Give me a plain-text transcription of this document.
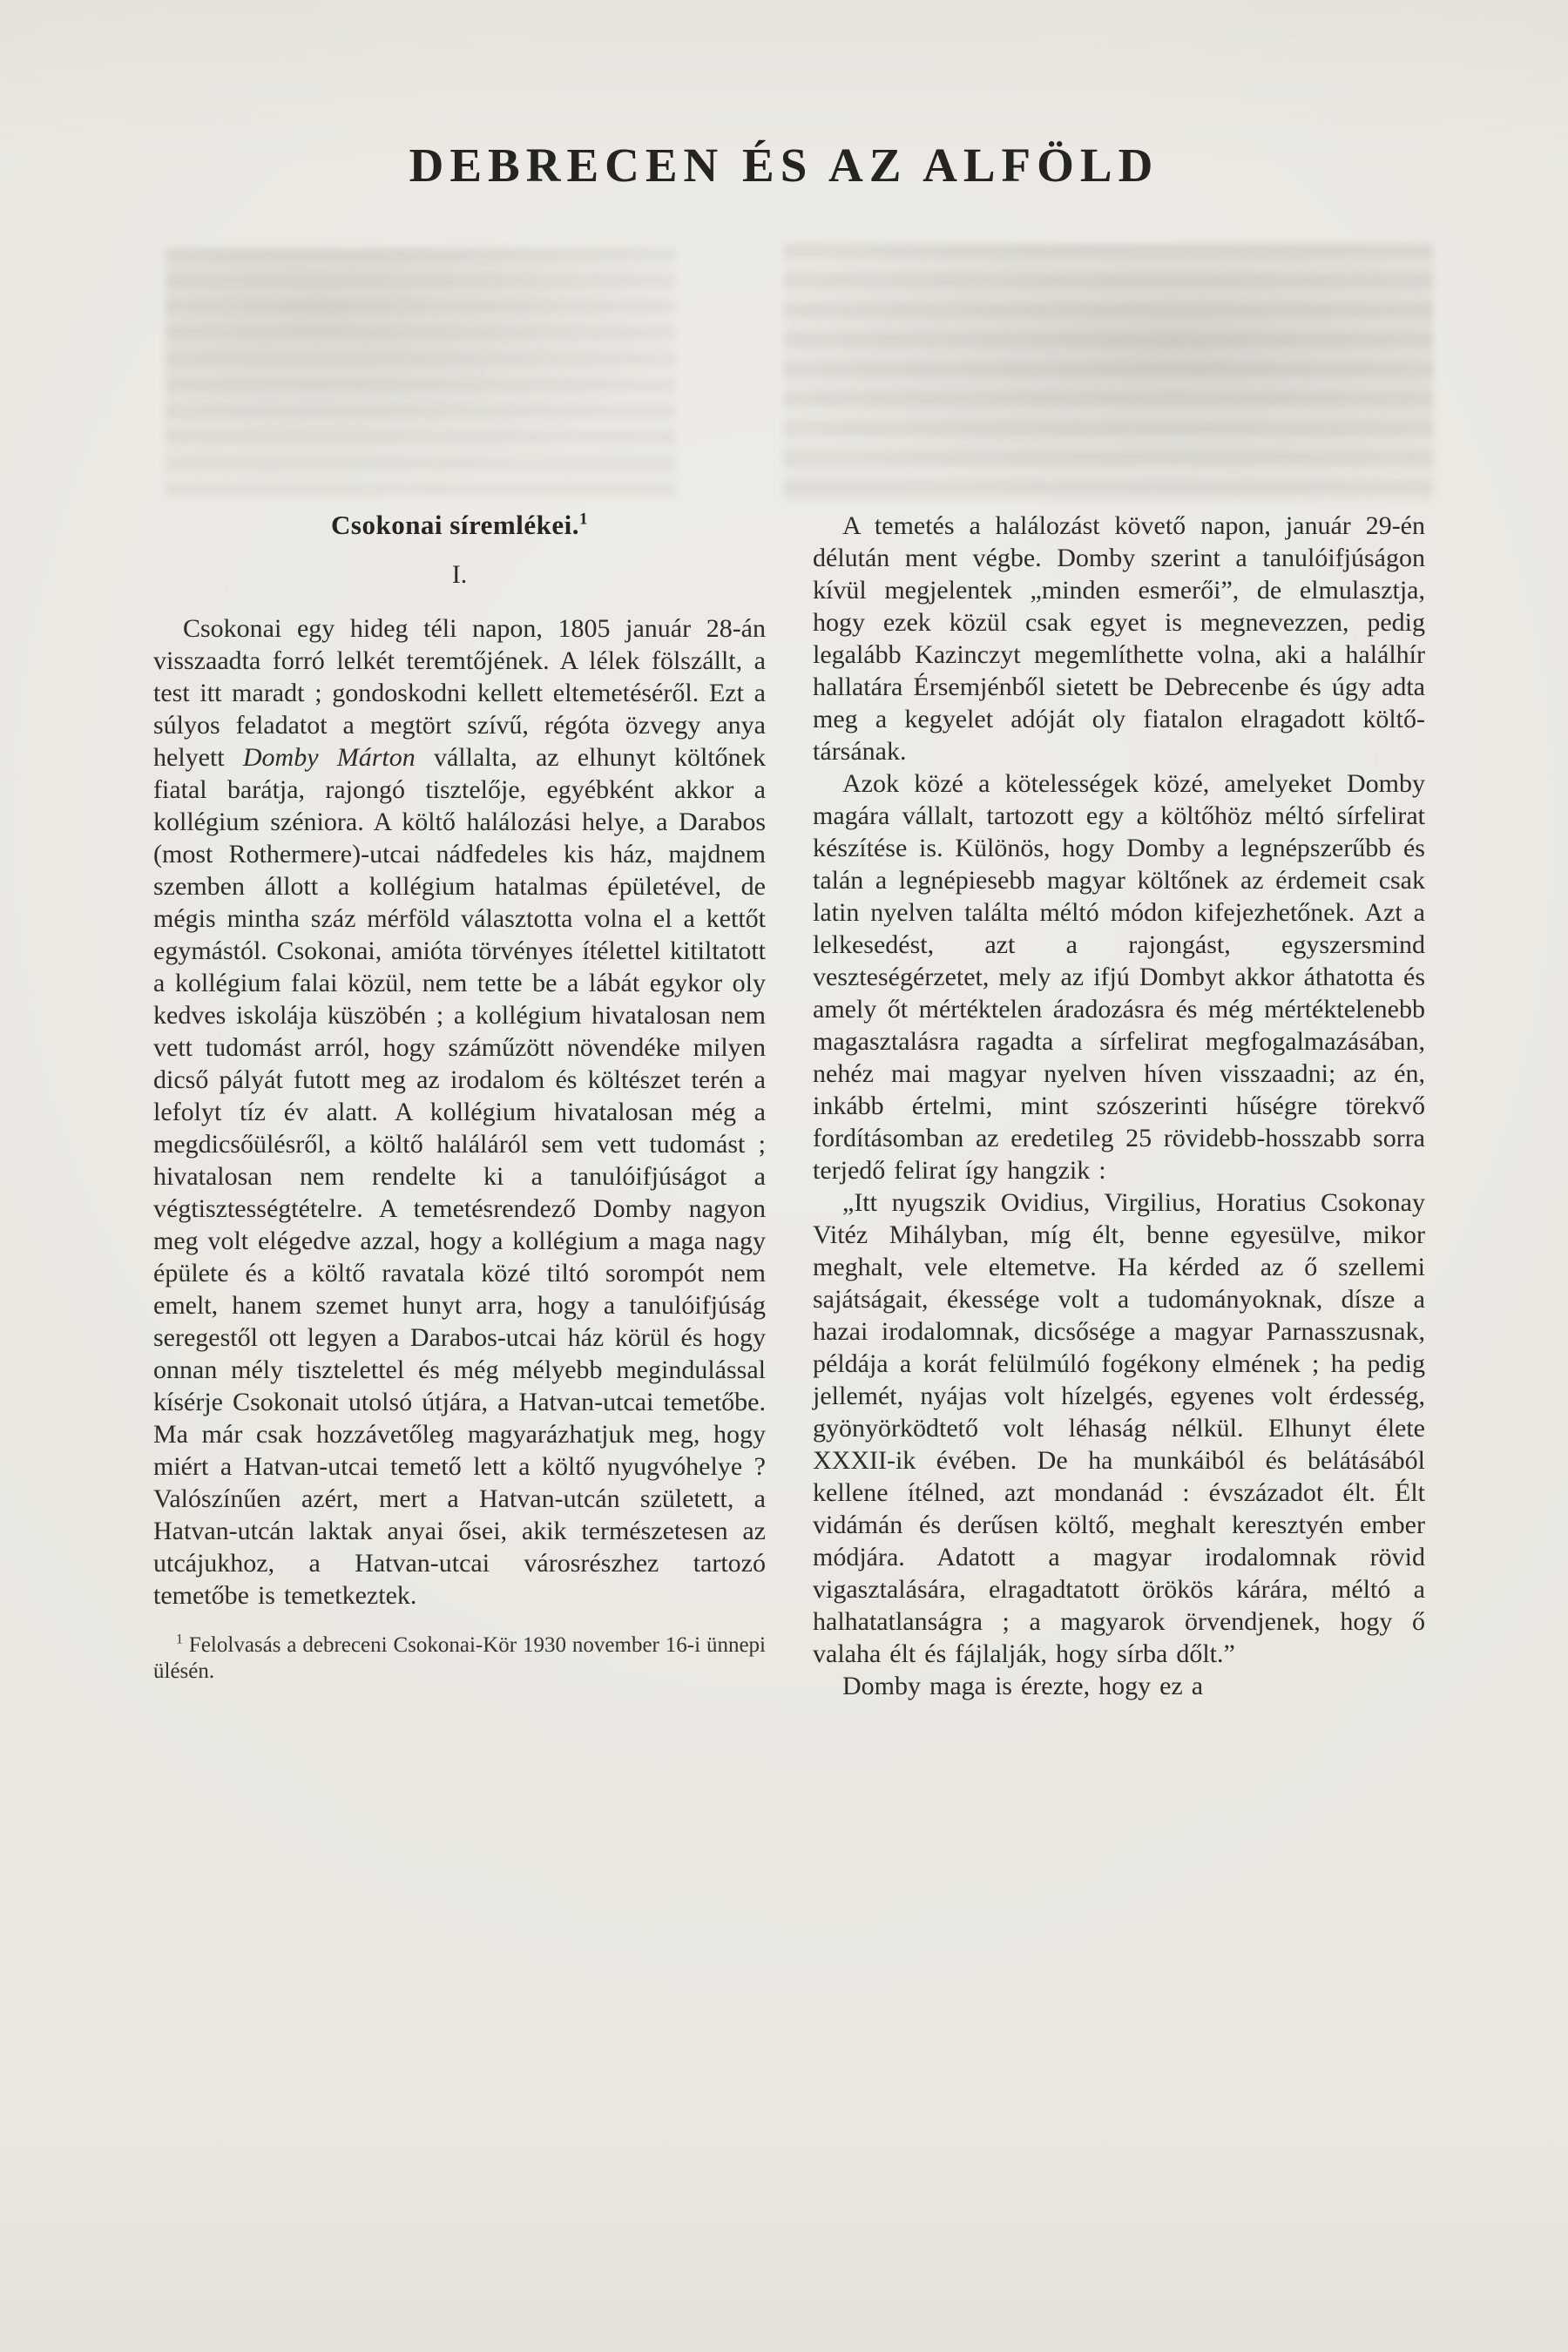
DEBRECEN ÉS AZ ALFÖLD
Csokonai síremlékei.$^1$
I.

Csokonai egy hideg téli napon, 1805 január 28-án visszaadta forró lelkét teremtőjének. A lélek fölszállt, a test itt maradt ; gondoskodni kellett eltemetéséről. Ezt a súlyos feladatot a megtört szívű, régóta özvegy anya helyett Domby Márton vállalta, az elhunyt költőnek fiatal barátja, rajongó tisztelője, egyébként akkor a kollégium széniora. A költő halálozási helye, a Darabos (most Rothermere)-utcai nádfedeles kis ház, majdnem szemben állott a kollégium hatalmas épületével, de mégis mintha száz mérföld választotta volna el a kettőt egymástól. Csokonai, amióta törvényes ítélettel kitiltatott a kollégium falai közül, nem tette be a lábát egykor oly kedves iskolája küszöbén ; a kollégium hivatalosan nem vett tudomást arról, hogy száműzött növendéke milyen dicső pályát futott meg az irodalom és költészet terén a lefolyt tíz év alatt. A kollégium hivatalosan még a megdicsőülésről, a költő haláláról sem vett tudomást ; hivatalosan nem rendelte ki a tanulóifjúságot a végtisztességtételre. A temetésrendező Domby nagyon meg volt elégedve azzal, hogy a kollégium a maga nagy épülete és a költő ravatala közé tiltó sorompót nem emelt, hanem szemet hunyt arra, hogy a tanulóifjúság seregestől ott legyen a Darabos-utcai ház körül és hogy onnan mély tisztelettel és még mélyebb megindulással kísérje Csokonait utolsó útjára, a Hatvan-utcai temetőbe. Ma már csak hozzávetőleg magyarázhatjuk meg, hogy miért a Hatvan-utcai temető lett a költő nyugvóhelye ? Valószínűen azért, mert a Hatvan-utcán született, a Hatvan-utcán laktak anyai ősei, akik természetesen az utcájukhoz, a Hatvan-utcai városrészhez tartozó temetőbe is temetkeztek.

$^1$ Felolvasás a debreceni Csokonai-Kör 1930 november 16-i ünnepi ülésén.

A temetés a halálozást követő napon, január 29-én délután ment végbe. Domby szerint a tanulóifjúságon kívül megjelentek „minden esmerői”, de elmulasztja, hogy ezek közül csak egyet is megnevezzen, pedig legalább Kazinczyt megemlíthette volna, aki a halálhír hallatára Érsemjénből sietett be Debrecenbe és úgy adta meg a kegyelet adóját oly fiatalon elragadott költő-társának.

Azok közé a kötelességek közé, amelyeket Domby magára vállalt, tartozott egy a költőhöz méltó sírfelirat készítése is. Különös, hogy Domby a legnépszerűbb és talán a legnépiesebb magyar költőnek az érdemeit csak latin nyelven találta méltó módon kifejezhetőnek. Azt a lelkesedést, azt a rajongást, egyszersmind veszteségérzetet, mely az ifjú Dombyt akkor áthatotta és amely őt mértéktelen áradozásra és még mértéktelenebb magasztalásra ragadta a sírfelirat megfogalmazásában, nehéz mai magyar nyelven híven visszaadni; az én, inkább értelmi, mint szószerinti hűségre törekvő fordításomban az eredetileg 25 rövidebb-hosszabb sorra terjedő felirat így hangzik :

„Itt nyugszik Ovidius, Virgilius, Horatius Csokonay Vitéz Mihályban, míg élt, benne egyesülve, mikor meghalt, vele eltemetve. Ha kérded az ő szellemi sajátságait, ékessége volt a tudományoknak, dísze a hazai irodalomnak, dicsősége a magyar Parnasszusnak, példája a korát felülmúló fogékony elmének ; ha pedig jellemét, nyájas volt hízelgés, egyenes volt érdesség, gyönyörködtető volt léhaság nélkül. Elhunyt élete XXXII-ik évében. De ha munkáiból és belátásából kellene ítélned, azt mondanád : évszázadot élt. Élt vidámán és derűsen költő, meghalt keresztyén ember módjára. Adatott a magyar irodalomnak rövid vigasztalására, elragadtatott örökös kárára, méltó a halhatatlanságra ; a magyarok örvendjenek, hogy ő valaha élt és fájlalják, hogy sírba dőlt.”

Domby maga is érezte, hogy ez a
